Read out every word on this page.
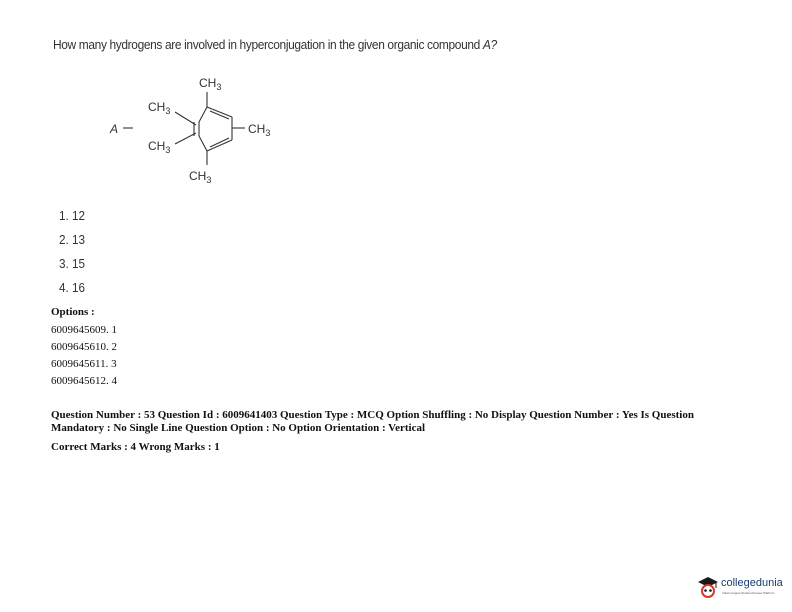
How many hydrogens are involved in hyperconjugation in the given organic compound A?
A
$CH_3$
$CH_3$
$CH_3$
$CH_3$
$CH_3$
1. 12
2. 13
3. 15
4. 16
Options :
6009645609. 1
6009645610. 2
6009645611. 3
6009645612. 4
Question Number : 53 Question Id : 6009641403 Question Type : MCQ Option Shuffling : No Display Question Number : Yes Is Question Mandatory : No Single Line Question Option : No Option Orientation : Vertical
Correct Marks : 4 Wrong Marks : 1
collegedunia
India's largest Student Review Platform
